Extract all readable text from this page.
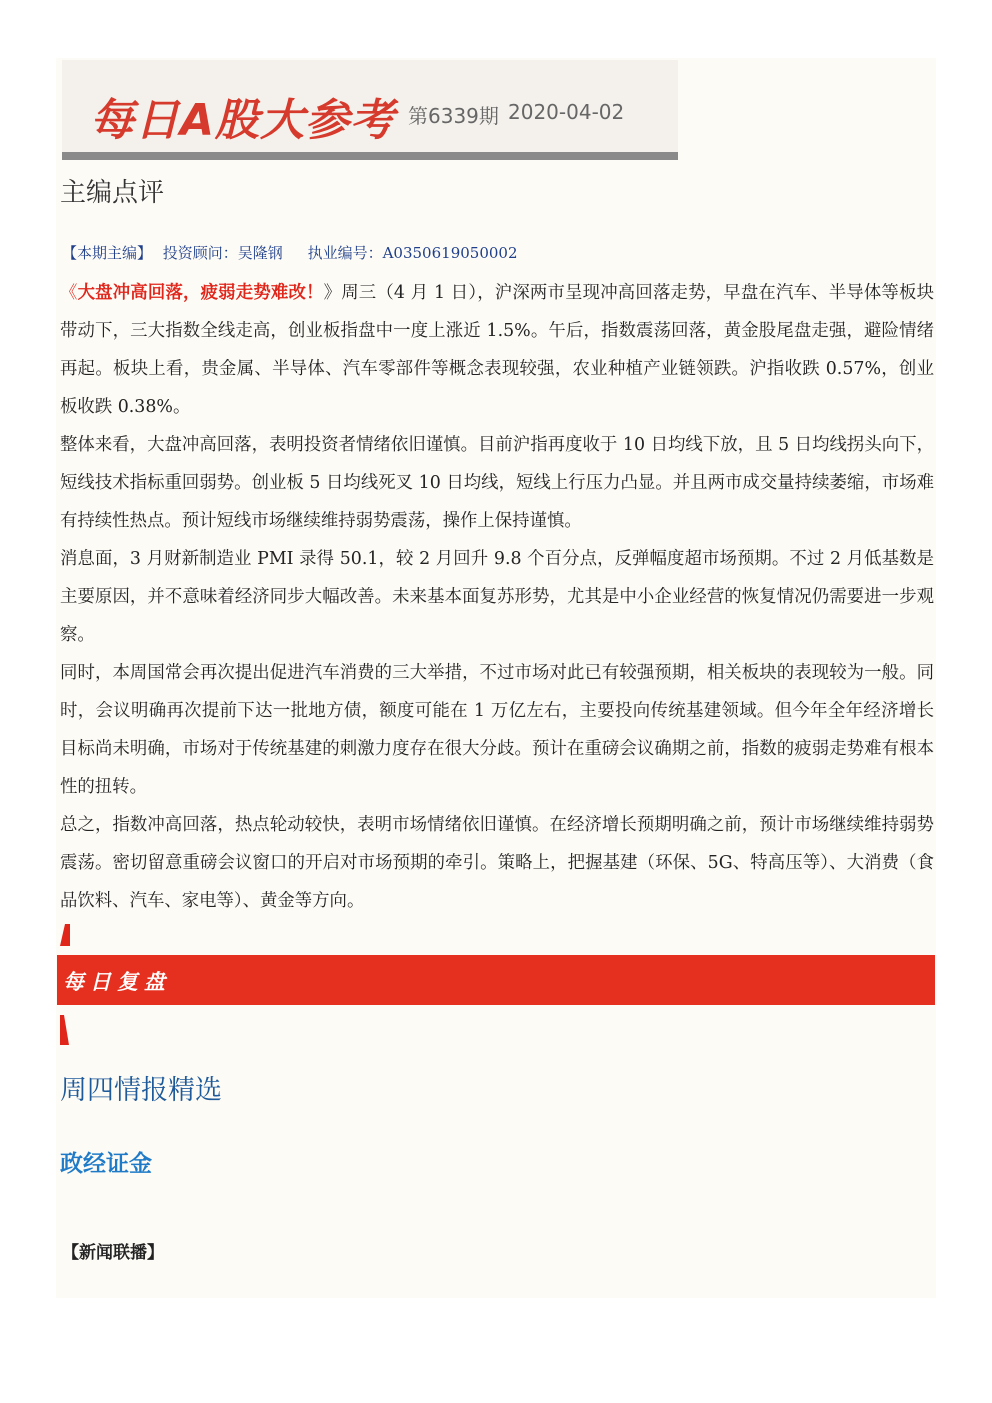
每日A股大参考 第6339期 2020-04-02
主编点评
【本期主编】 投资顾问：吴隆钢 执业编号：A0350619050002

《大盘冲高回落，疲弱走势难改！》周三（4 月 1 日），沪深两市呈现冲高回落走势，早盘在汽车、半导体等板块带动下，三大指数全线走高，创业板指盘中一度上涨近 1.5%。午后，指数震荡回落，黄金股尾盘走强，避险情绪再起。板块上看，贵金属、半导体、汽车零部件等概念表现较强，农业种植产业链领跌。沪指收跌 0.57%，创业板收跌 0.38%。

整体来看，大盘冲高回落，表明投资者情绪依旧谨慎。目前沪指再度收于 10 日均线下放，且 5 日均线拐头向下，短线技术指标重回弱势。创业板 5 日均线死叉 10 日均线，短线上行压力凸显。并且两市成交量持续萎缩，市场难有持续性热点。预计短线市场继续维持弱势震荡，操作上保持谨慎。

消息面，3 月财新制造业 PMI 录得 50.1，较 2 月回升 9.8 个百分点，反弹幅度超市场预期。不过 2 月低基数是主要原因，并不意味着经济同步大幅改善。未来基本面复苏形势，尤其是中小企业经营的恢复情况仍需要进一步观察。

同时，本周国常会再次提出促进汽车消费的三大举措，不过市场对此已有较强预期，相关板块的表现较为一般。同时，会议明确再次提前下达一批地方债，额度可能在 1 万亿左右，主要投向传统基建领域。但今年全年经济增长目标尚未明确，市场对于传统基建的刺激力度存在很大分歧。预计在重磅会议确期之前，指数的疲弱走势难有根本性的扭转。

总之，指数冲高回落，热点轮动较快，表明市场情绪依旧谨慎。在经济增长预期明确之前，预计市场继续维持弱势震荡。密切留意重磅会议窗口的开启对市场预期的牵引。策略上，把握基建（环保、5G、特高压等）、大消费（食品饮料、汽车、家电等）、黄金等方向。

每日复盘
周四情报精选
政经证金
【新闻联播】
